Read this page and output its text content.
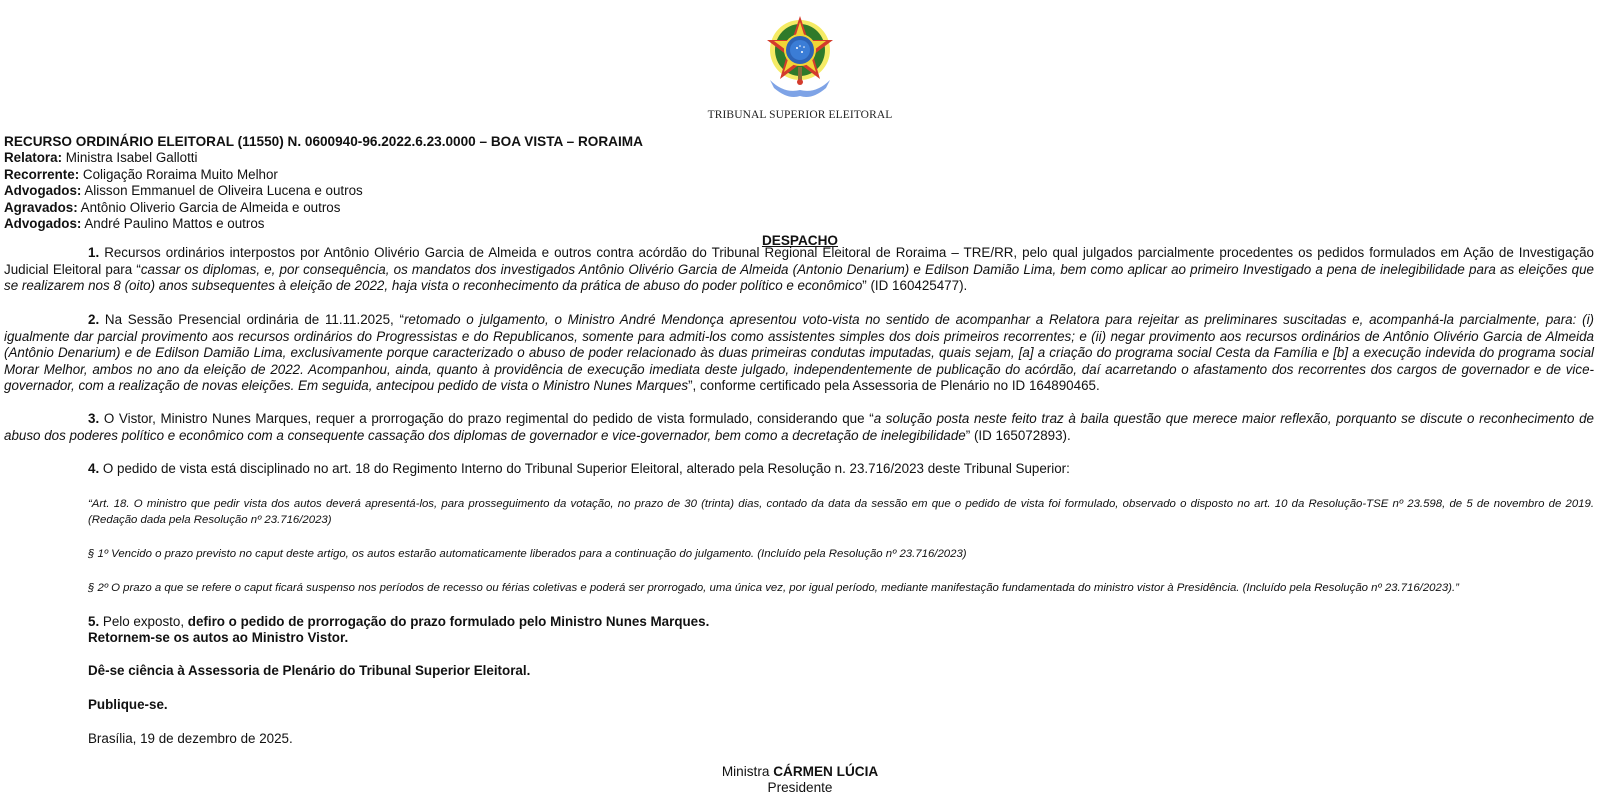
TRIBUNAL SUPERIOR ELEITORAL
RECURSO ORDINÁRIO ELEITORAL (11550) N. 0600940-96.2022.6.23.0000 – BOA VISTA – RORAIMA
Relatora: Ministra Isabel Gallotti
Recorrente: Coligação Roraima Muito Melhor
Advogados: Alisson Emmanuel de Oliveira Lucena e outros
Agravados: Antônio Oliverio Garcia de Almeida e outros
Advogados: André Paulino Mattos e outros
DESPACHO
1. Recursos ordinários interpostos por Antônio Olivério Garcia de Almeida e outros contra acórdão do Tribunal Regional Eleitoral de Roraima – TRE/RR, pelo qual julgados parcialmente procedentes os pedidos formulados em Ação de Investigação Judicial Eleitoral para “cassar os diplomas, e, por consequência, os mandatos dos investigados Antônio Olivério Garcia de Almeida (Antonio Denarium) e Edilson Damião Lima, bem como aplicar ao primeiro Investigado a pena de inelegibilidade para as eleições que se realizarem nos 8 (oito) anos subsequentes à eleição de 2022, haja vista o reconhecimento da prática de abuso do poder político e econômico” (ID 160425477).
2. Na Sessão Presencial ordinária de 11.11.2025, “retomado o julgamento, o Ministro André Mendonça apresentou voto-vista no sentido de acompanhar a Relatora para rejeitar as preliminares suscitadas e, acompanhá-la parcialmente, para: (i) igualmente dar parcial provimento aos recursos ordinários do Progressistas e do Republicanos, somente para admiti-los como assistentes simples dos dois primeiros recorrentes; e (ii) negar provimento aos recursos ordinários de Antônio Olivério Garcia de Almeida (Antônio Denarium) e de Edilson Damião Lima, exclusivamente porque caracterizado o abuso de poder relacionado às duas primeiras condutas imputadas, quais sejam, [a] a criação do programa social Cesta da Família e [b] a execução indevida do programa social Morar Melhor, ambos no ano da eleição de 2022. Acompanhou, ainda, quanto à providência de execução imediata deste julgado, independentemente de publicação do acórdão, daí acarretando o afastamento dos recorrentes dos cargos de governador e de vice-governador, com a realização de novas eleições. Em seguida, antecipou pedido de vista o Ministro Nunes Marques”, conforme certificado pela Assessoria de Plenário no ID 164890465.
3. O Vistor, Ministro Nunes Marques, requer a prorrogação do prazo regimental do pedido de vista formulado, considerando que “a solução posta neste feito traz à baila questão que merece maior reflexão, porquanto se discute o reconhecimento de abuso dos poderes político e econômico com a consequente cassação dos diplomas de governador e vice-governador, bem como a decretação de inelegibilidade” (ID 165072893).
4. O pedido de vista está disciplinado no art. 18 do Regimento Interno do Tribunal Superior Eleitoral, alterado pela Resolução n. 23.716/2023 deste Tribunal Superior:
“Art. 18. O ministro que pedir vista dos autos deverá apresentá-los, para prosseguimento da votação, no prazo de 30 (trinta) dias, contado da data da sessão em que o pedido de vista foi formulado, observado o disposto no art. 10 da Resolução-TSE nº 23.598, de 5 de novembro de 2019. (Redação dada pela Resolução nº 23.716/2023)
§ 1º Vencido o prazo previsto no caput deste artigo, os autos estarão automaticamente liberados para a continuação do julgamento. (Incluído pela Resolução nº 23.716/2023)
§ 2º O prazo a que se refere o caput ficará suspenso nos períodos de recesso ou férias coletivas e poderá ser prorrogado, uma única vez, por igual período, mediante manifestação fundamentada do ministro vistor à Presidência. (Incluído pela Resolução nº 23.716/2023).”
5. Pelo exposto, defiro o pedido de prorrogação do prazo formulado pelo Ministro Nunes Marques.
Retornem-se os autos ao Ministro Vistor.
Dê-se ciência à Assessoria de Plenário do Tribunal Superior Eleitoral.
Publique-se.
Brasília, 19 de dezembro de 2025.
Ministra CÁRMEN LÚCIA
Presidente
